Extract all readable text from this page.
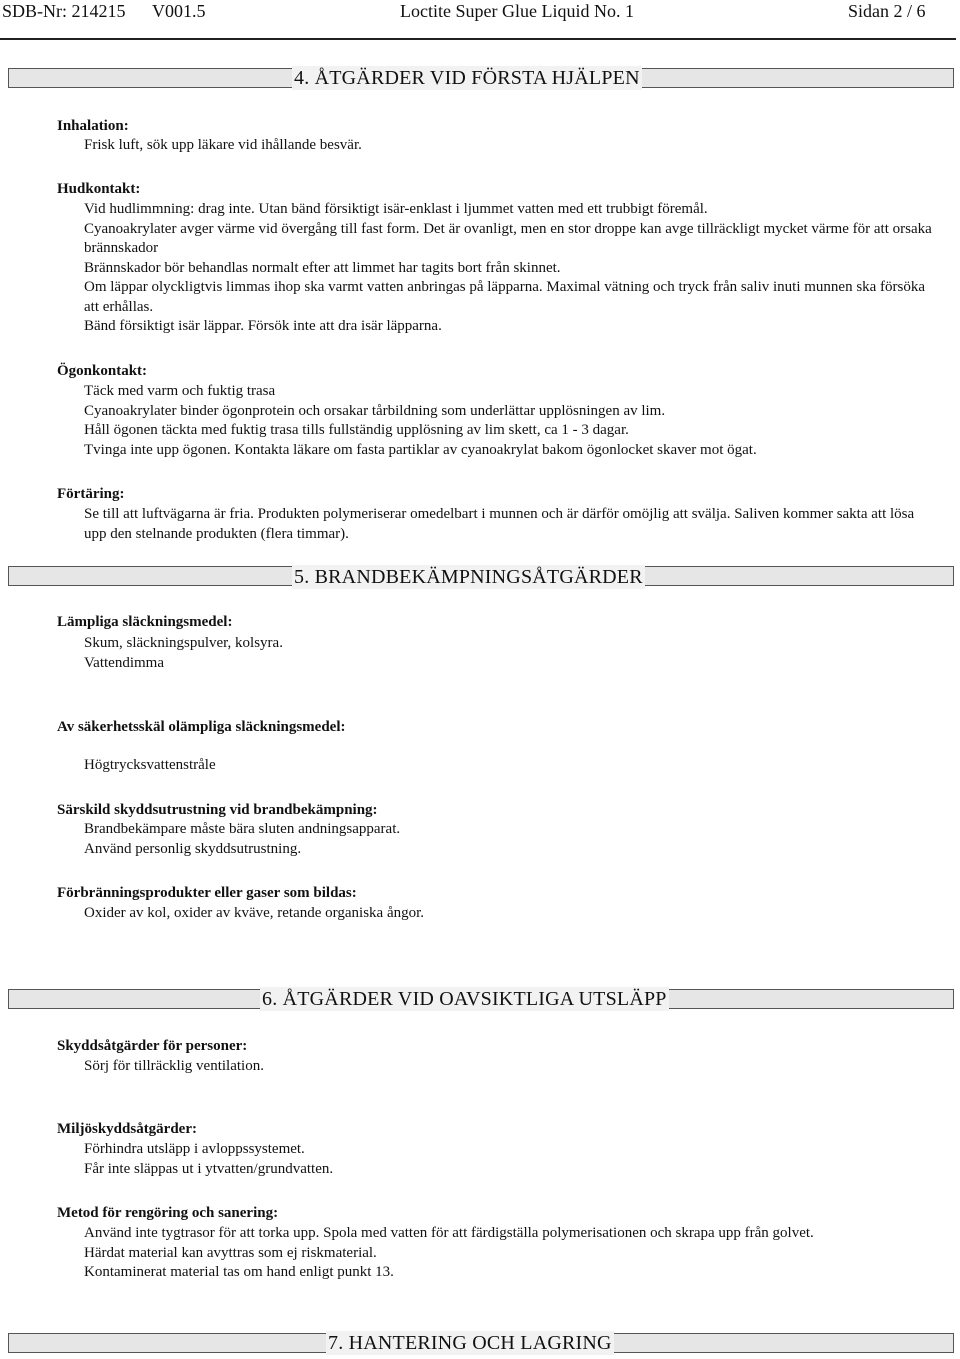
SDB-Nr: 214215 V001.5	Loctite Super Glue Liquid No. 1	Sidan 2 / 6
4. ÅTGÄRDER VID FÖRSTA HJÄLPEN
Inhalation:

Frisk luft, sök upp läkare vid ihållande besvär.

Hudkontakt:

Vid hudlimmning: drag inte. Utan bänd försiktigt isär-enklast i ljummet vatten med ett trubbigt föremål.

Cyanoakrylater avger värme vid övergång till fast form. Det är ovanligt, men en stor droppe kan avge tillräckligt mycket värme för att orsaka brännskador

Brännskador bör behandlas normalt efter att limmet har tagits bort från skinnet.

Om läppar olyckligtvis limmas ihop ska varmt vatten anbringas på läpparna. Maximal vätning och tryck från saliv inuti munnen ska försöka att erhållas.

Bänd försiktigt isär läppar. Försök inte att dra isär läpparna.

Ögonkontakt:

Täck med varm och fuktig trasa

Cyanoakrylater binder ögonprotein och orsakar tårbildning som underlättar upplösningen av lim.

Håll ögonen täckta med fuktig trasa tills fullständig upplösning av lim skett, ca 1 - 3 dagar.

Tvinga inte upp ögonen. Kontakta läkare om fasta partiklar av cyanoakrylat bakom ögonlocket skaver mot ögat.

Förtäring:

Se till att luftvägarna är fria. Produkten polymeriserar omedelbart i munnen och är därför omöjlig att svälja. Saliven kommer sakta att lösa upp den stelnande produkten (flera timmar).

5. BRANDBEKÄMPNINGSÅTGÄRDER
Lämpliga släckningsmedel:

Skum, släckningspulver, kolsyra.

Vattendimma

Av säkerhetsskäl olämpliga släckningsmedel:

Högtrycksvattenstråle

Särskild skyddsutrustning vid brandbekämpning:

Brandbekämpare måste bära sluten andningsapparat.

Använd personlig skyddsutrustning.

Förbränningsprodukter eller gaser som bildas:

Oxider av kol, oxider av kväve, retande organiska ångor.

6. ÅTGÄRDER VID OAVSIKTLIGA UTSLÄPP
Skyddsåtgärder för personer:

Sörj för tillräcklig ventilation.

Miljöskyddsåtgärder:

Förhindra utsläpp i avloppssystemet.

Får inte släppas ut i ytvatten/grundvatten.

Metod för rengöring och sanering:

Använd inte tygtrasor för att torka upp. Spola med vatten för att färdigställa polymerisationen och skrapa upp från golvet.

Härdat material kan avyttras som ej riskmaterial.

Kontaminerat material tas om hand enligt punkt 13.

7. HANTERING OCH LAGRING
